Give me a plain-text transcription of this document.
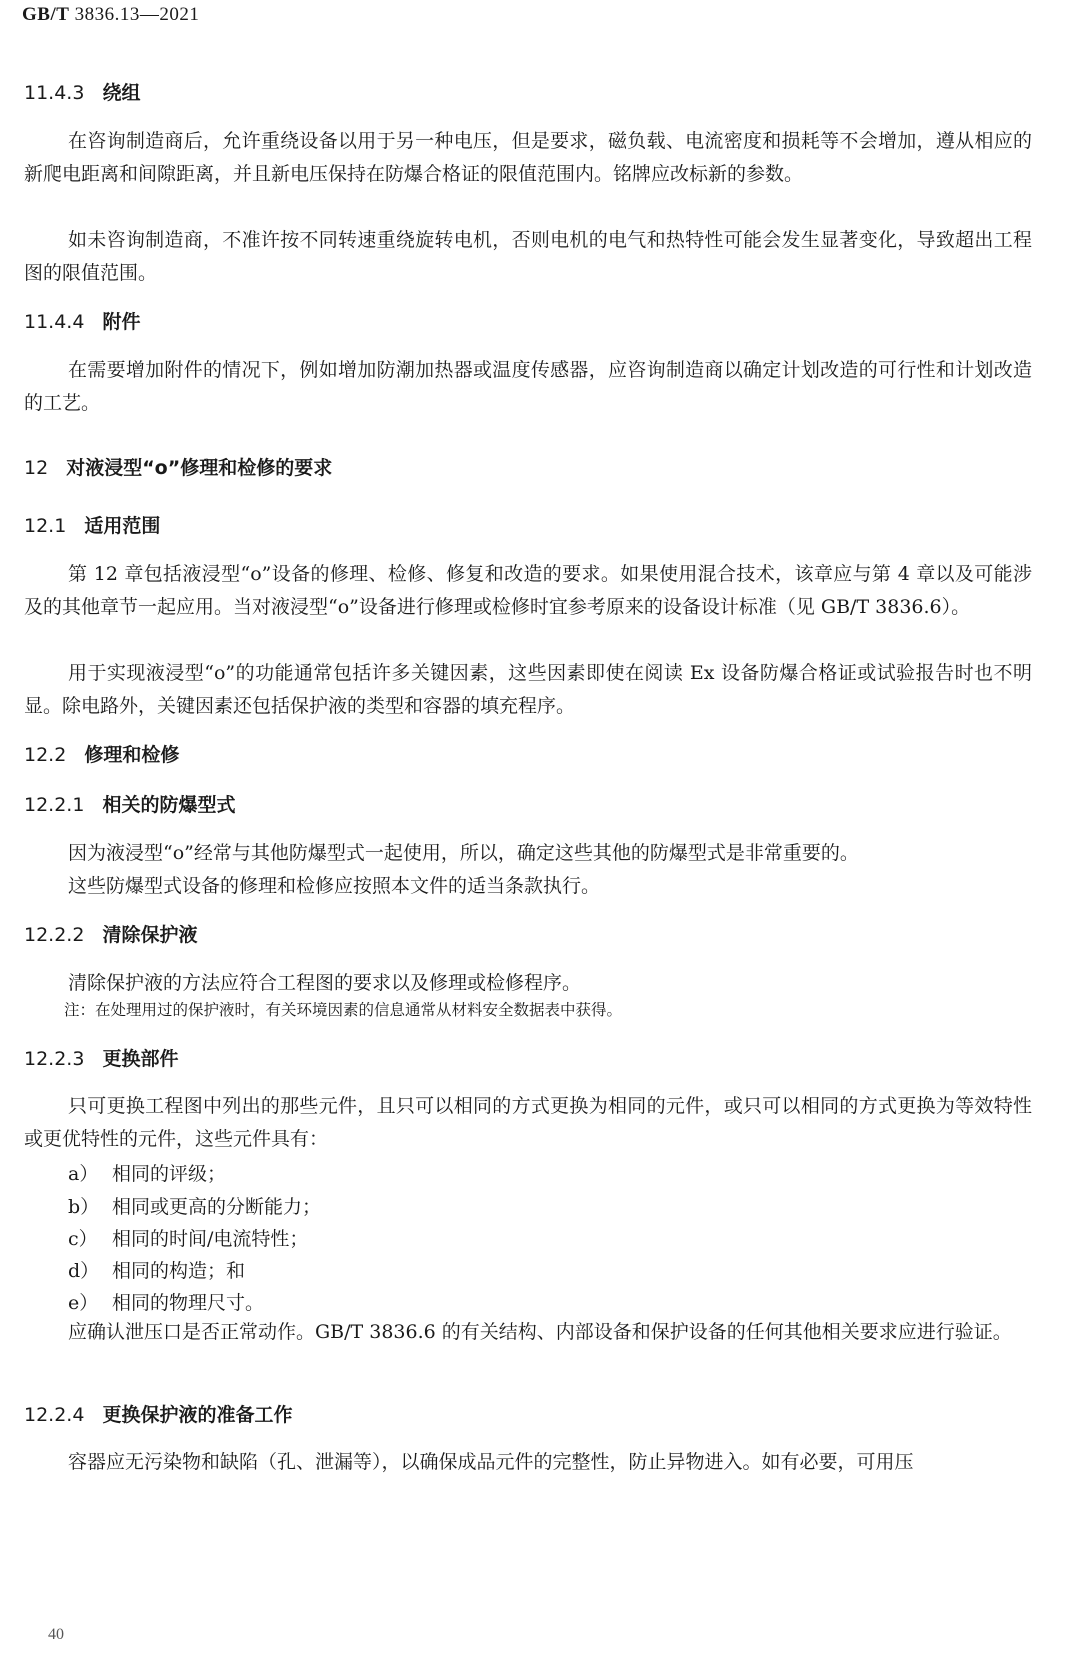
GB/T 3836.13—2021
11.4.3 绕组
在咨询制造商后，允许重绕设备以用于另一种电压，但是要求，磁负载、电流密度和损耗等不会增加，遵从相应的新爬电距离和间隙距离，并且新电压保持在防爆合格证的限值范围内。铭牌应改标新的参数。
如未咨询制造商，不准许按不同转速重绕旋转电机，否则电机的电气和热特性可能会发生显著变化，导致超出工程图的限值范围。
11.4.4 附件
在需要增加附件的情况下，例如增加防潮加热器或温度传感器，应咨询制造商以确定计划改造的可行性和计划改造的工艺。
12 对液浸型“o”修理和检修的要求
12.1 适用范围
第 12 章包括液浸型“o”设备的修理、检修、修复和改造的要求。如果使用混合技术，该章应与第 4 章以及可能涉及的其他章节一起应用。当对液浸型“o”设备进行修理或检修时宜参考原来的设备设计标准（见 GB/T 3836.6）。
用于实现液浸型“o”的功能通常包括许多关键因素，这些因素即使在阅读 Ex 设备防爆合格证或试验报告时也不明显。除电路外，关键因素还包括保护液的类型和容器的填充程序。
12.2 修理和检修
12.2.1 相关的防爆型式
因为液浸型“o”经常与其他防爆型式一起使用，所以，确定这些其他的防爆型式是非常重要的。
这些防爆型式设备的修理和检修应按照本文件的适当条款执行。
12.2.2 清除保护液
清除保护液的方法应符合工程图的要求以及修理或检修程序。
注：在处理用过的保护液时，有关环境因素的信息通常从材料安全数据表中获得。
12.2.3 更换部件
只可更换工程图中列出的那些元件，且只可以相同的方式更换为相同的元件，或只可以相同的方式更换为等效特性或更优特性的元件，这些元件具有：
a） 相同的评级；
b） 相同或更高的分断能力；
c） 相同的时间/电流特性；
d） 相同的构造；和
e） 相同的物理尺寸。
应确认泄压口是否正常动作。GB/T 3836.6 的有关结构、内部设备和保护设备的任何其他相关要求应进行验证。
12.2.4 更换保护液的准备工作
容器应无污染物和缺陷（孔、泄漏等），以确保成品元件的完整性，防止异物进入。如有必要，可用压
40
